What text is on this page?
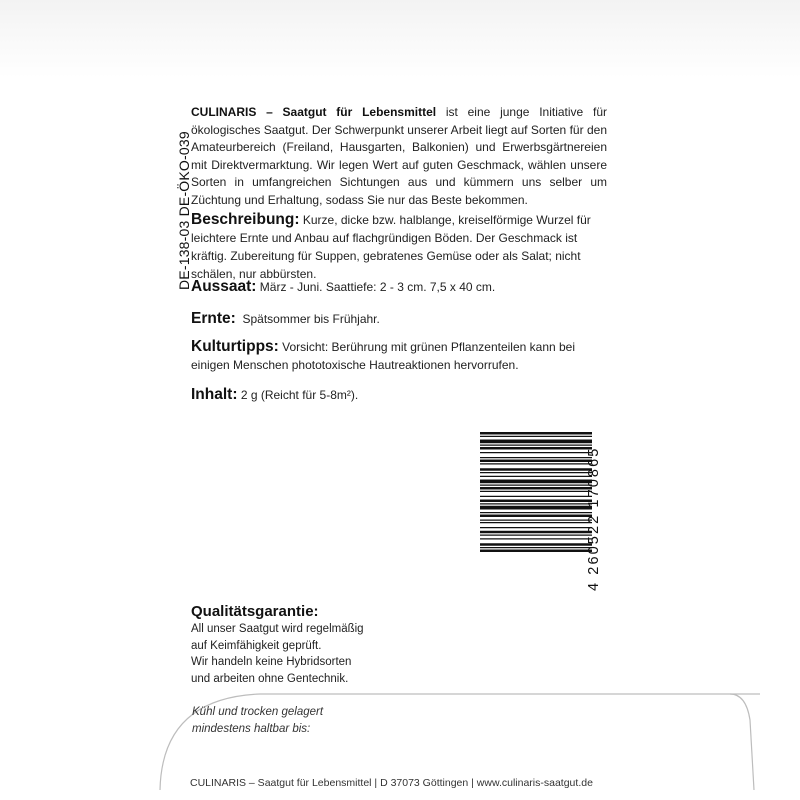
DE-138-03 DE-ÖKO-039
CULINARIS – Saatgut für Lebensmittel ist eine junge Initiative für ökologisches Saatgut. Der Schwerpunkt unserer Arbeit liegt auf Sorten für den Amateurbereich (Freiland, Hausgarten, Balkonien) und Erwerbsgärtnereien mit Direktvermarktung. Wir legen Wert auf guten Geschmack, wählen unsere Sorten in umfangreichen Sichtungen aus und kümmern uns selber um Züchtung und Erhaltung, sodass Sie nur das Beste bekommen.
Beschreibung: Kurze, dicke bzw. halblange, kreiselförmige Wurzel für leichtere Ernte und Anbau auf flachgründigen Böden. Der Geschmack ist kräftig. Zubereitung für Suppen, gebratenes Gemüse oder als Salat; nicht schälen, nur abbürsten.
Aussaat: März - Juni. Saattiefe: 2 - 3 cm. 7,5 x 40 cm.
Ernte:  Spätsommer bis Frühjahr.
Kulturtipps: Vorsicht: Berührung mit grünen Pflanzenteilen kann bei einigen Menschen phototoxische Hautreaktionen hervorrufen.
Inhalt: 2 g (Reicht für 5-8m²).
4 260522 170865
Qualitätsgarantie:
All unser Saatgut wird regelmäßig
auf Keimfähigkeit geprüft.
Wir handeln keine Hybridsorten
und arbeiten ohne Gentechnik.
Kühl und trocken gelagert
mindestens haltbar bis:
CULINARIS – Saatgut für Lebensmittel | D 37073 Göttingen | www.culinaris-saatgut.de
